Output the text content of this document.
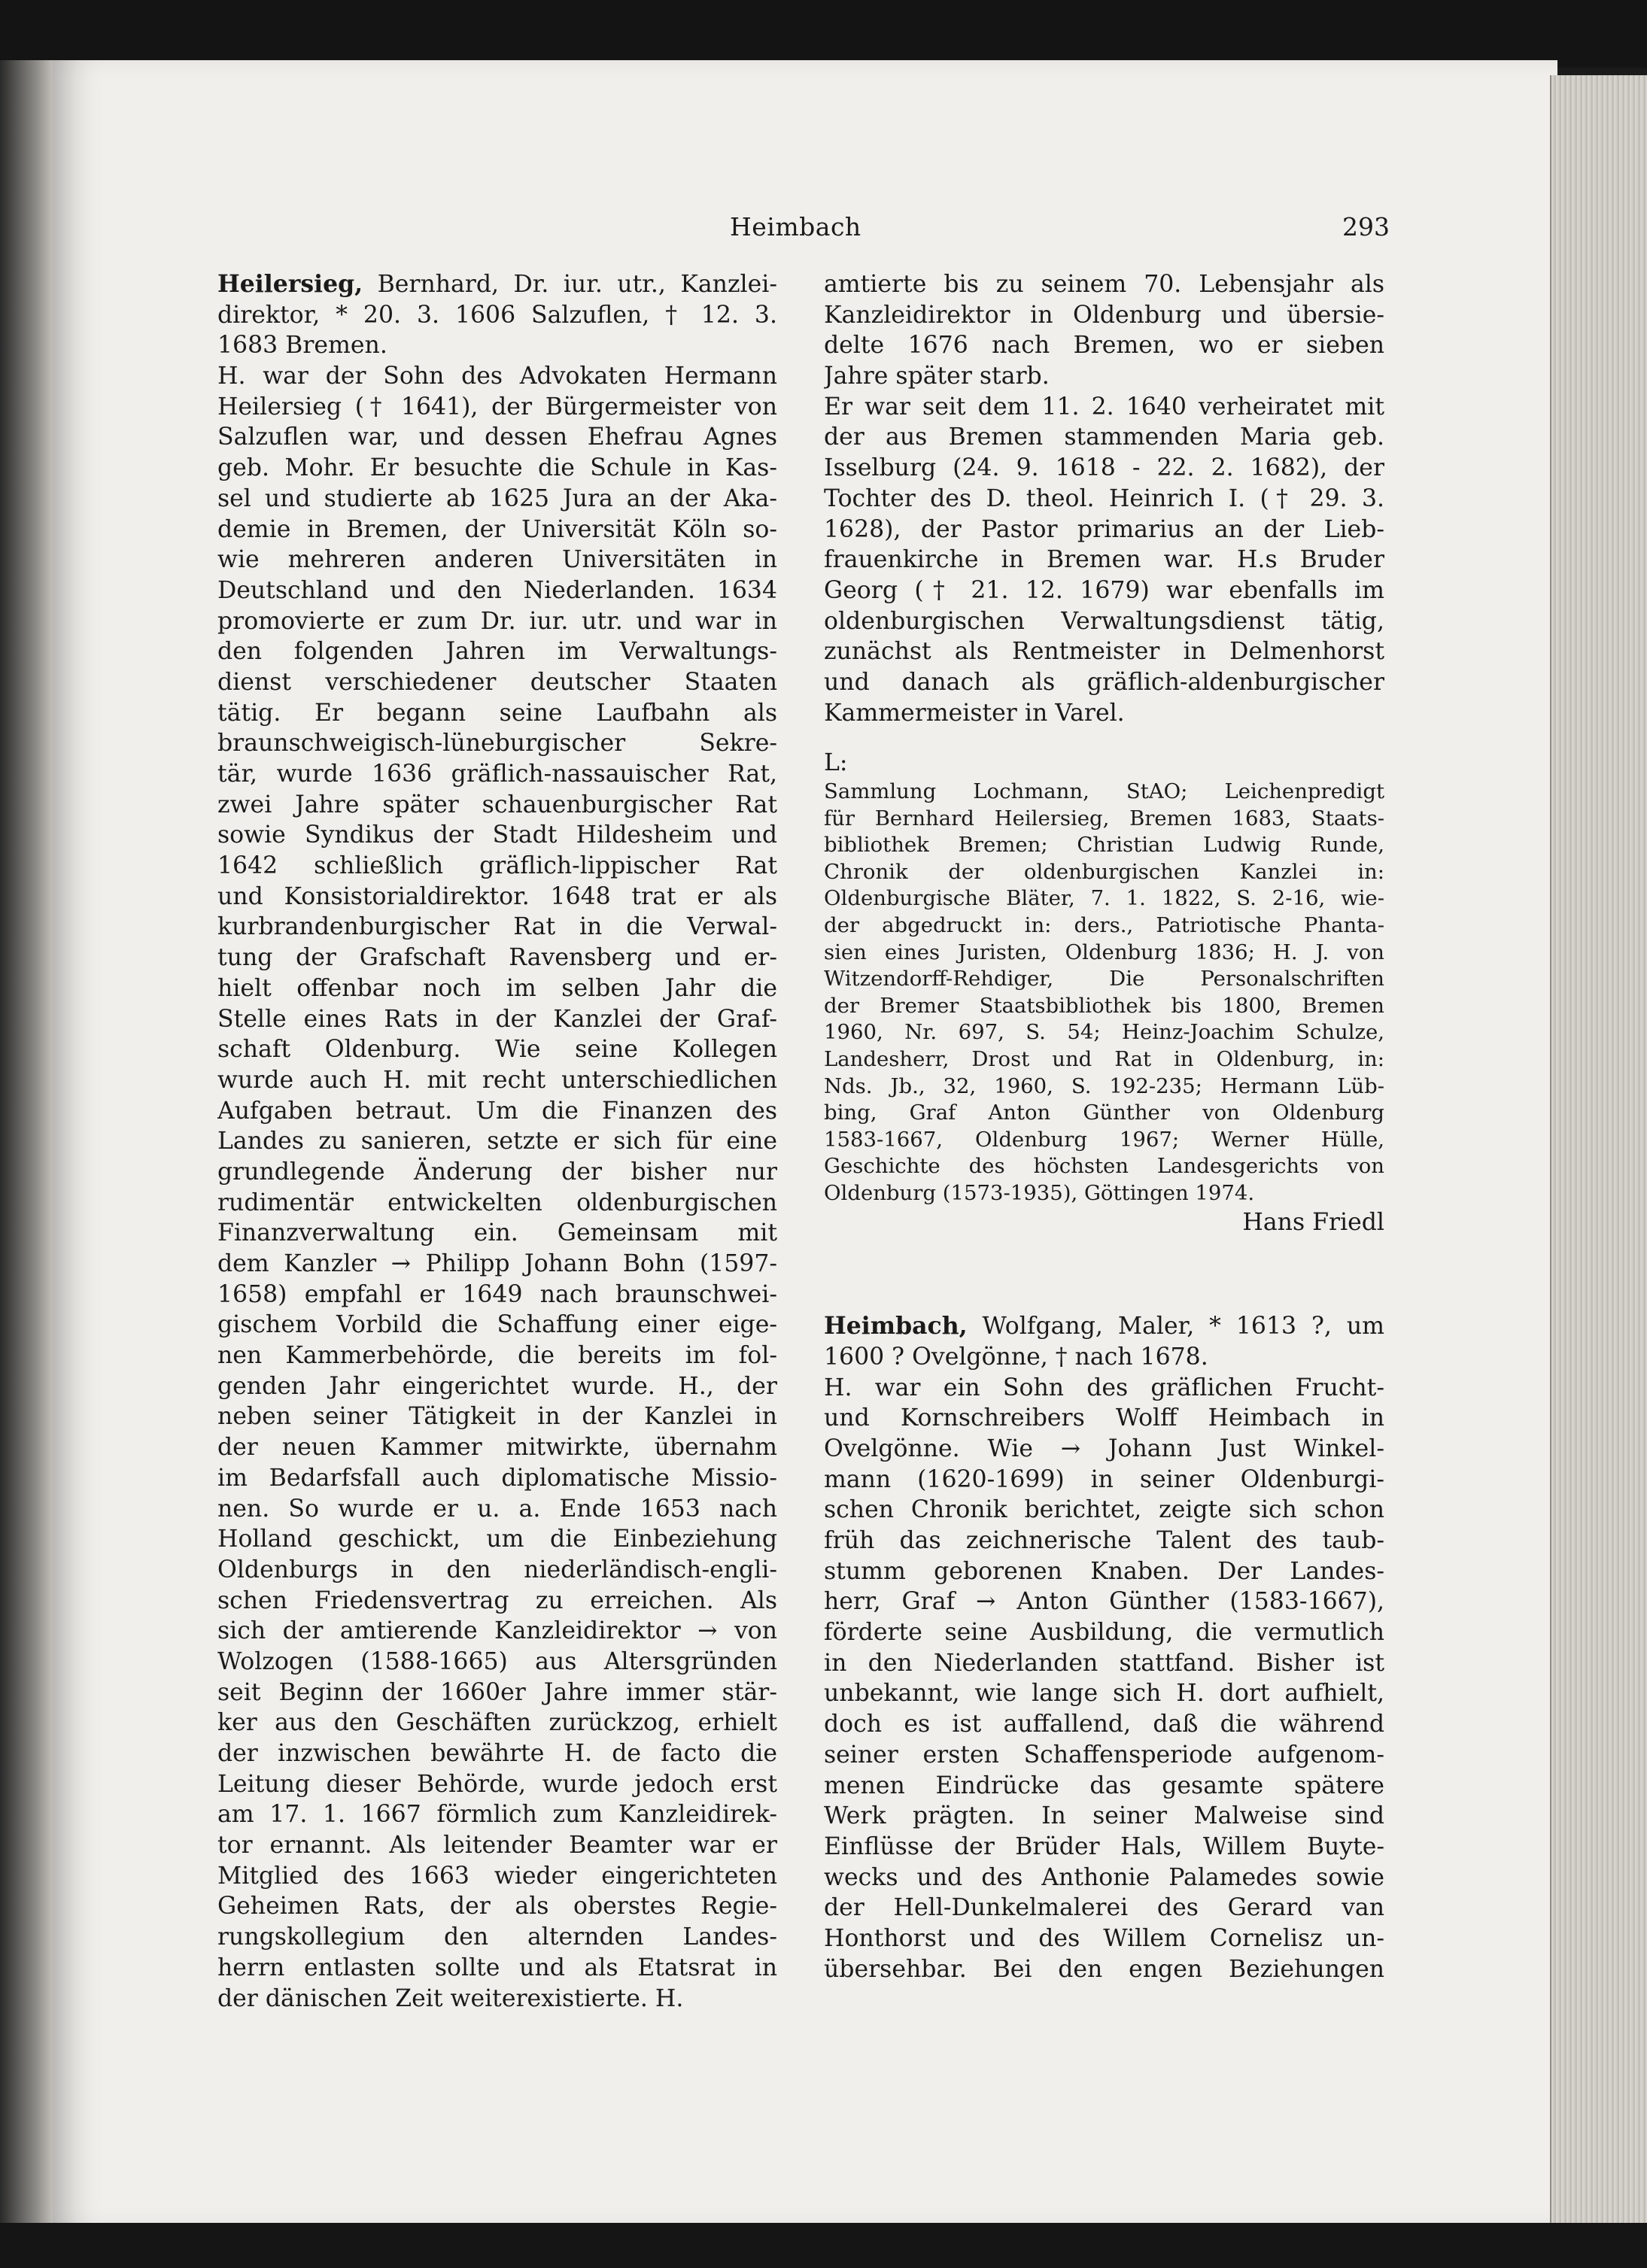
Heimbach	293
Heilersieg, Bernhard, Dr. iur. utr., Kanzlei-
direktor, * 20. 3. 1606 Salzuflen, † 12. 3.
1683 Bremen.
H. war der Sohn des Advokaten Hermann
Heilersieg († 1641), der Bürgermeister von
Salzuflen war, und dessen Ehefrau Agnes
geb. Mohr. Er besuchte die Schule in Kas-
sel und studierte ab 1625 Jura an der Aka-
demie in Bremen, der Universität Köln so-
wie mehreren anderen Universitäten in
Deutschland und den Niederlanden. 1634
promovierte er zum Dr. iur. utr. und war in
den folgenden Jahren im Verwaltungs-
dienst verschiedener deutscher Staaten
tätig. Er begann seine Laufbahn als
braunschweigisch-lüneburgischer Sekre-
tär, wurde 1636 gräflich-nassauischer Rat,
zwei Jahre später schauenburgischer Rat
sowie Syndikus der Stadt Hildesheim und
1642 schließlich gräflich-lippischer Rat
und Konsistorialdirektor. 1648 trat er als
kurbrandenburgischer Rat in die Verwal-
tung der Grafschaft Ravensberg und er-
hielt offenbar noch im selben Jahr die
Stelle eines Rats in der Kanzlei der Graf-
schaft Oldenburg. Wie seine Kollegen
wurde auch H. mit recht unterschiedlichen
Aufgaben betraut. Um die Finanzen des
Landes zu sanieren, setzte er sich für eine
grundlegende Änderung der bisher nur
rudimentär entwickelten oldenburgischen
Finanzverwaltung ein. Gemeinsam mit
dem Kanzler → Philipp Johann Bohn (1597-
1658) empfahl er 1649 nach braunschwei-
gischem Vorbild die Schaffung einer eige-
nen Kammerbehörde, die bereits im fol-
genden Jahr eingerichtet wurde. H., der
neben seiner Tätigkeit in der Kanzlei in
der neuen Kammer mitwirkte, übernahm
im Bedarfsfall auch diplomatische Missio-
nen. So wurde er u. a. Ende 1653 nach
Holland geschickt, um die Einbeziehung
Oldenburgs in den niederländisch-engli-
schen Friedensvertrag zu erreichen. Als
sich der amtierende Kanzleidirektor → von
Wolzogen (1588-1665) aus Altersgründen
seit Beginn der 1660er Jahre immer stär-
ker aus den Geschäften zurückzog, erhielt
der inzwischen bewährte H. de facto die
Leitung dieser Behörde, wurde jedoch erst
am 17. 1. 1667 förmlich zum Kanzleidirek-
tor ernannt. Als leitender Beamter war er
Mitglied des 1663 wieder eingerichteten
Geheimen Rats, der als oberstes Regie-
rungskollegium den alternden Landes-
herrn entlasten sollte und als Etatsrat in
der dänischen Zeit weiterexistierte. H.
amtierte bis zu seinem 70. Lebensjahr als
Kanzleidirektor in Oldenburg und übersie-
delte 1676 nach Bremen, wo er sieben
Jahre später starb.
Er war seit dem 11. 2. 1640 verheiratet mit
der aus Bremen stammenden Maria geb.
Isselburg (24. 9. 1618 - 22. 2. 1682), der
Tochter des D. theol. Heinrich I. († 29. 3.
1628), der Pastor primarius an der Lieb-
frauenkirche in Bremen war. H.s Bruder
Georg († 21. 12. 1679) war ebenfalls im
oldenburgischen Verwaltungsdienst tätig,
zunächst als Rentmeister in Delmenhorst
und danach als gräflich-aldenburgischer
Kammermeister in Varel.
L:
Sammlung Lochmann, StAO; Leichenpredigt
für Bernhard Heilersieg, Bremen 1683, Staats-
bibliothek Bremen; Christian Ludwig Runde,
Chronik der oldenburgischen Kanzlei in:
Oldenburgische Bläter, 7. 1. 1822, S. 2-16, wie-
der abgedruckt in: ders., Patriotische Phanta-
sien eines Juristen, Oldenburg 1836; H. J. von
Witzendorff-Rehdiger, Die Personalschriften
der Bremer Staatsbibliothek bis 1800, Bremen
1960, Nr. 697, S. 54; Heinz-Joachim Schulze,
Landesherr, Drost und Rat in Oldenburg, in:
Nds. Jb., 32, 1960, S. 192-235; Hermann Lüb-
bing, Graf Anton Günther von Oldenburg
1583-1667, Oldenburg 1967; Werner Hülle,
Geschichte des höchsten Landesgerichts von
Oldenburg (1573-1935), Göttingen 1974.
Hans Friedl
Heimbach, Wolfgang, Maler, * 1613 ?, um
1600 ? Ovelgönne, † nach 1678.
H. war ein Sohn des gräflichen Frucht-
und Kornschreibers Wolff Heimbach in
Ovelgönne. Wie → Johann Just Winkel-
mann (1620-1699) in seiner Oldenburgi-
schen Chronik berichtet, zeigte sich schon
früh das zeichnerische Talent des taub-
stumm geborenen Knaben. Der Landes-
herr, Graf → Anton Günther (1583-1667),
förderte seine Ausbildung, die vermutlich
in den Niederlanden stattfand. Bisher ist
unbekannt, wie lange sich H. dort aufhielt,
doch es ist auffallend, daß die während
seiner ersten Schaffensperiode aufgenom-
menen Eindrücke das gesamte spätere
Werk prägten. In seiner Malweise sind
Einflüsse der Brüder Hals, Willem Buyte-
wecks und des Anthonie Palamedes sowie
der Hell-Dunkelmalerei des Gerard van
Honthorst und des Willem Cornelisz un-
übersehbar. Bei den engen Beziehungen
